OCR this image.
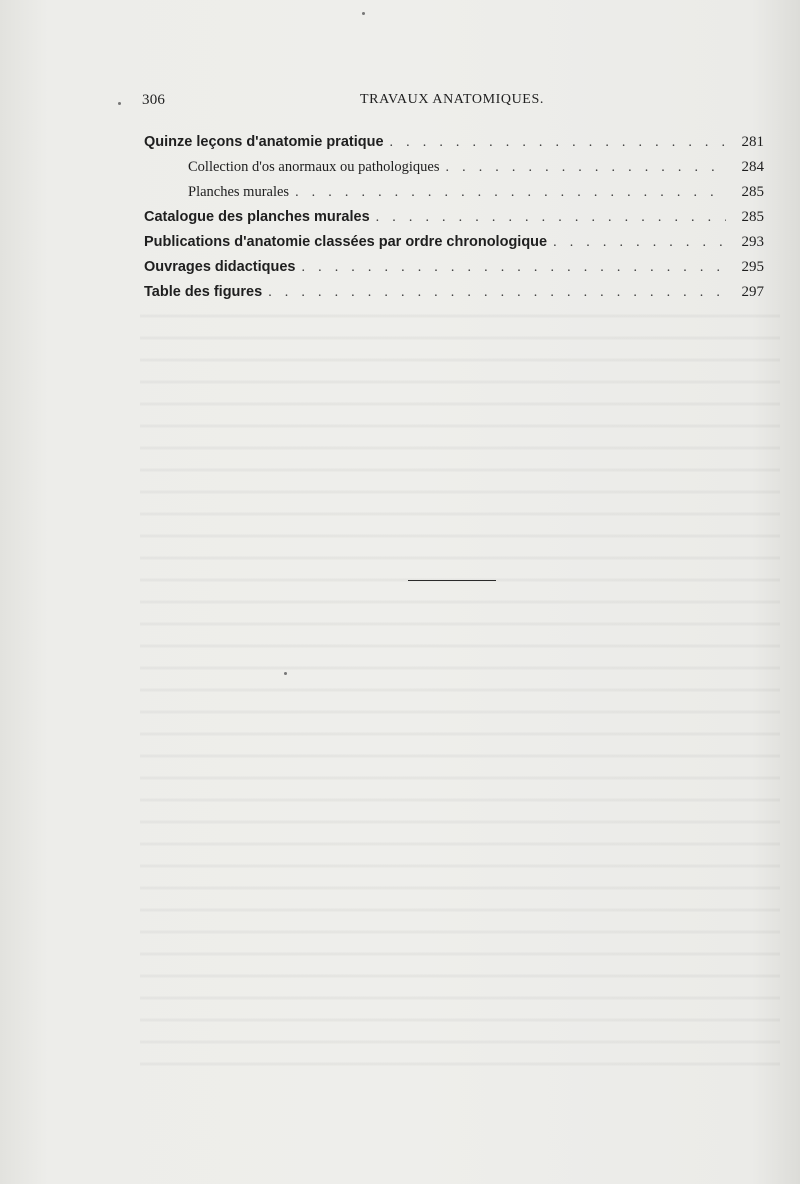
306	TRAVAUX ANATOMIQUES.
Quinze leçons d'anatomie pratique . . .	281
Collection d'os anormaux ou pathologiques . . .	284
Planches murales . . .	285
Catalogue des planches murales . . .	285
Publications d'anatomie classées par ordre chronologique . . .	293
Ouvrages didactiques . . .	295
Table des figures . . .	297
